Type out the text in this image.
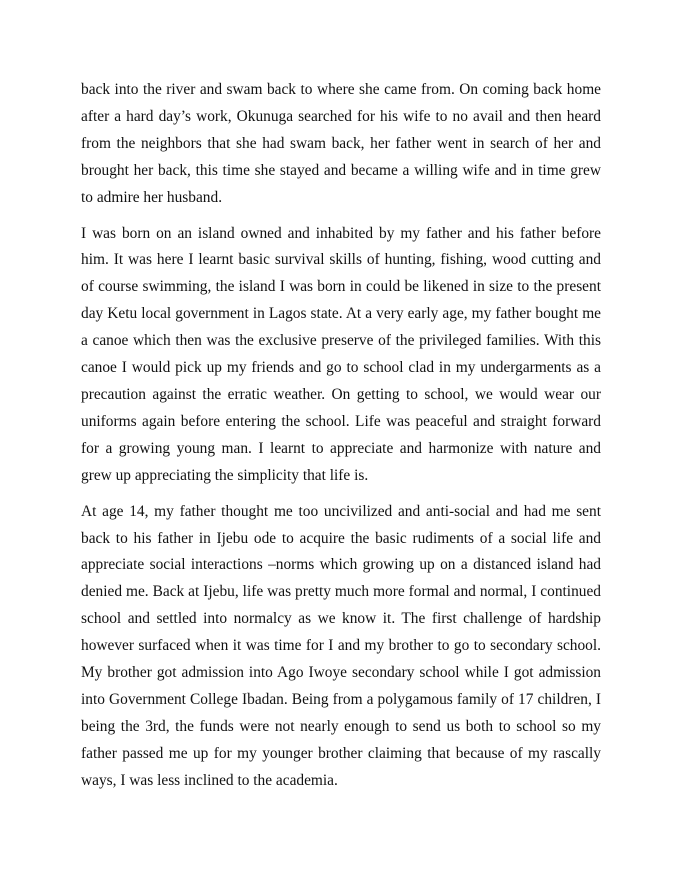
back into the river and swam back to where she came from. On coming back home after a hard day’s work, Okunuga searched for his wife to no avail and then heard from the neighbors that she had swam back, her father went in search of her and brought her back, this time she stayed and became a willing wife and in time grew to admire her husband.

I was born on an island owned and inhabited by my father and his father before him. It was here I learnt basic survival skills of hunting, fishing, wood cutting and of course swimming, the island I was born in could be likened in size to the present day Ketu local government in Lagos state. At a very early age, my father bought me a canoe which then was the exclusive preserve of the privileged families. With this canoe I would pick up my friends and go to school clad in my undergarments as a precaution against the erratic weather. On getting to school, we would wear our uniforms again before entering the school. Life was peaceful and straight forward for a growing young man. I learnt to appreciate and harmonize with nature and grew up appreciating the simplicity that life is.

At age 14, my father thought me too uncivilized and anti-social and had me sent back to his father in Ijebu ode to acquire the basic rudiments of a social life and appreciate social interactions –norms which growing up on a distanced island had denied me. Back at Ijebu, life was pretty much more formal and normal, I continued school and settled into normalcy as we know it. The first challenge of hardship however surfaced when it was time for I and my brother to go to secondary school. My brother got admission into Ago Iwoye secondary school while I got admission into Government College Ibadan. Being from a polygamous family of 17 children, I being the 3rd, the funds were not nearly enough to send us both to school so my father passed me up for my younger brother claiming that because of my rascally ways, I was less inclined to the academia.
